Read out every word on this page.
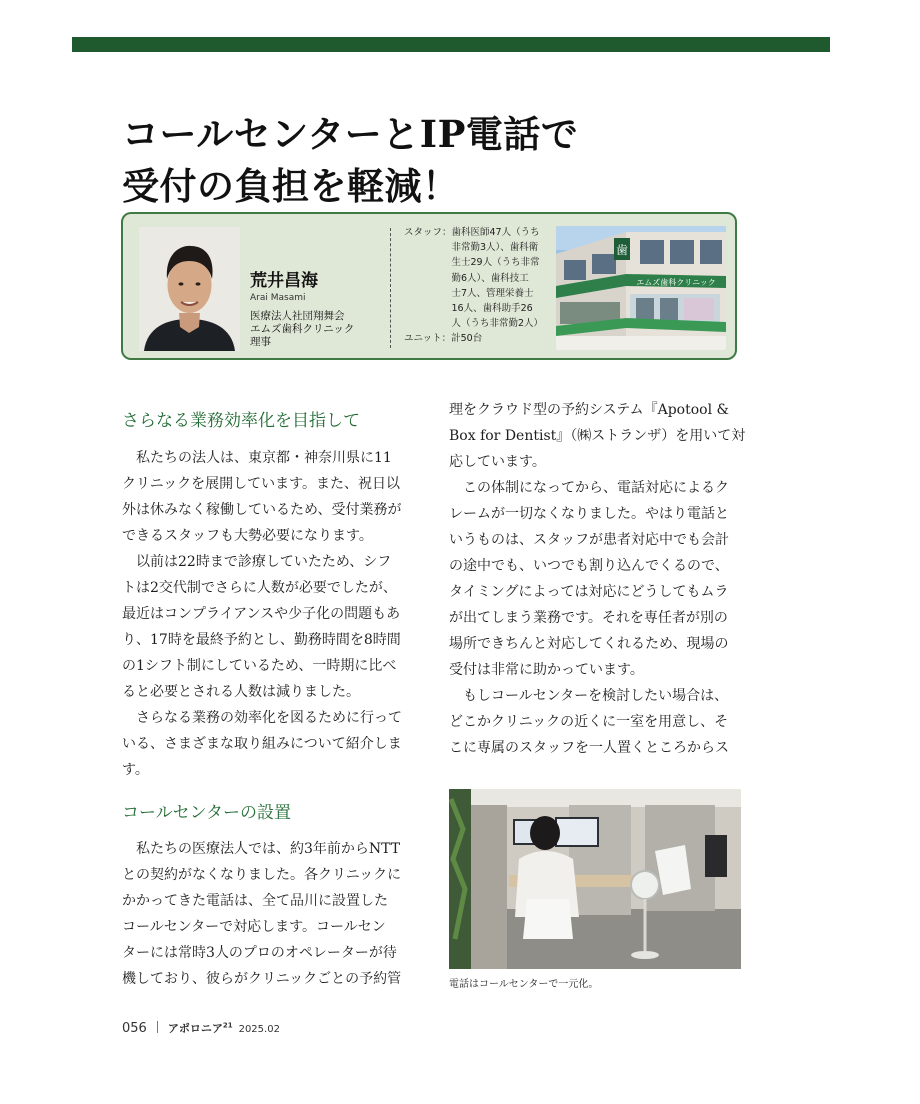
コールセンターとIP電話で
受付の負担を軽減！
荒井昌海
Arai Masami
医療法人社団翔舞会
エムズ歯科クリニック
理事
スタッフ： 歯科医師47人（うち
非常勤3人）、歯科衛
生士29人（うち非常
勤6人）、歯科技工
士7人、管理栄養士
16人、歯科助手26
人（うち非常勤2人）
ユニット：計50台
歯
エムズ歯科クリニック
さらなる業務効率化を目指して
　私たちの法人は、東京都・神奈川県に11
クリニックを展開しています。また、祝日以
外は休みなく稼働しているため、受付業務が
できるスタッフも大勢必要になります。
　以前は22時まで診療していたため、シフ
トは2交代制でさらに人数が必要でしたが、
最近はコンプライアンスや少子化の問題もあ
り、17時を最終予約とし、勤務時間を8時間
の1シフト制にしているため、一時期に比べ
ると必要とされる人数は減りました。
　さらなる業務の効率化を図るために行って
いる、さまざまな取り組みについて紹介しま
す。
コールセンターの設置
　私たちの医療法人では、約3年前からNTT
との契約がなくなりました。各クリニックに
かかってきた電話は、全て品川に設置した
コールセンターで対応します。コールセン
ターには常時3人のプロのオペレーターが待
機しており、彼らがクリニックごとの予約管
理をクラウド型の予約システム『Apotool &
Box for Dentist』（㈱ストランザ）を用いて対
応しています。
　この体制になってから、電話対応によるク
レームが一切なくなりました。やはり電話と
いうものは、スタッフが患者対応中でも会計
の途中でも、いつでも割り込んでくるので、
タイミングによっては対応にどうしてもムラ
が出てしまう業務です。それを専任者が別の
場所できちんと対応してくれるため、現場の
受付は非常に助かっています。
　もしコールセンターを検討したい場合は、
どこかクリニックの近くに一室を用意し、そ
こに専属のスタッフを一人置くところからス
電話はコールセンターで一元化。
056 アポロニア$^{21}$ 2025.02
